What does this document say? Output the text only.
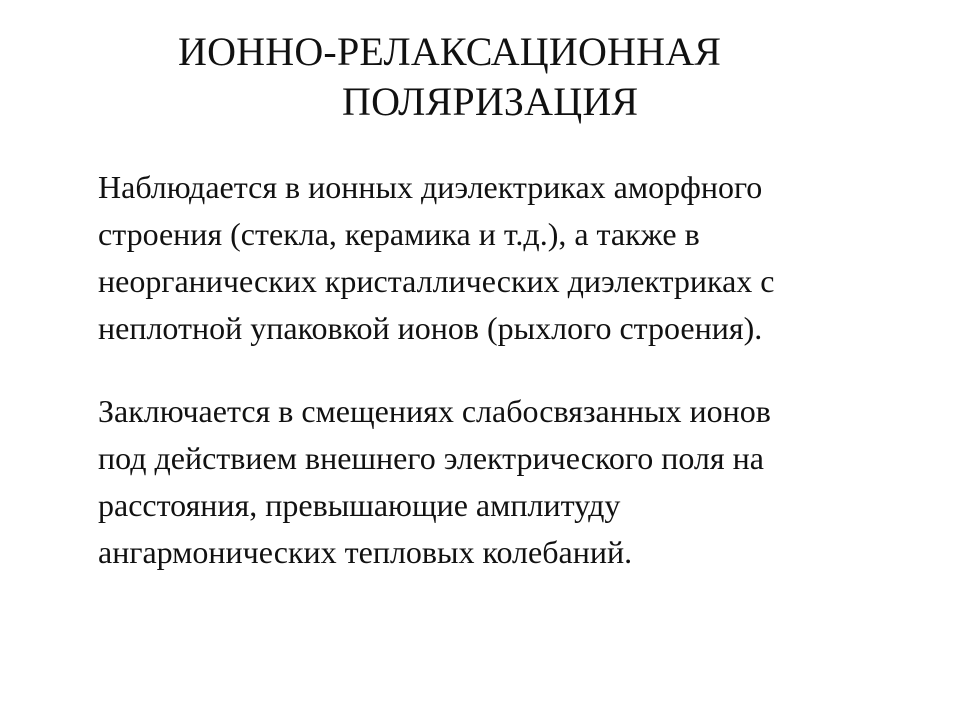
ИОННО-РЕЛАКСАЦИОННАЯ
ПОЛЯРИЗАЦИЯ
Наблюдается в ионных диэлектриках аморфного
строения (стекла, керамика и т.д.), а также в
неорганических кристаллических диэлектриках с
неплотной упаковкой ионов (рыхлого строения).
Заключается в смещениях слабосвязанных ионов
под действием внешнего электрического поля на
расстояния, превышающие амплитуду
ангармонических тепловых колебаний.
